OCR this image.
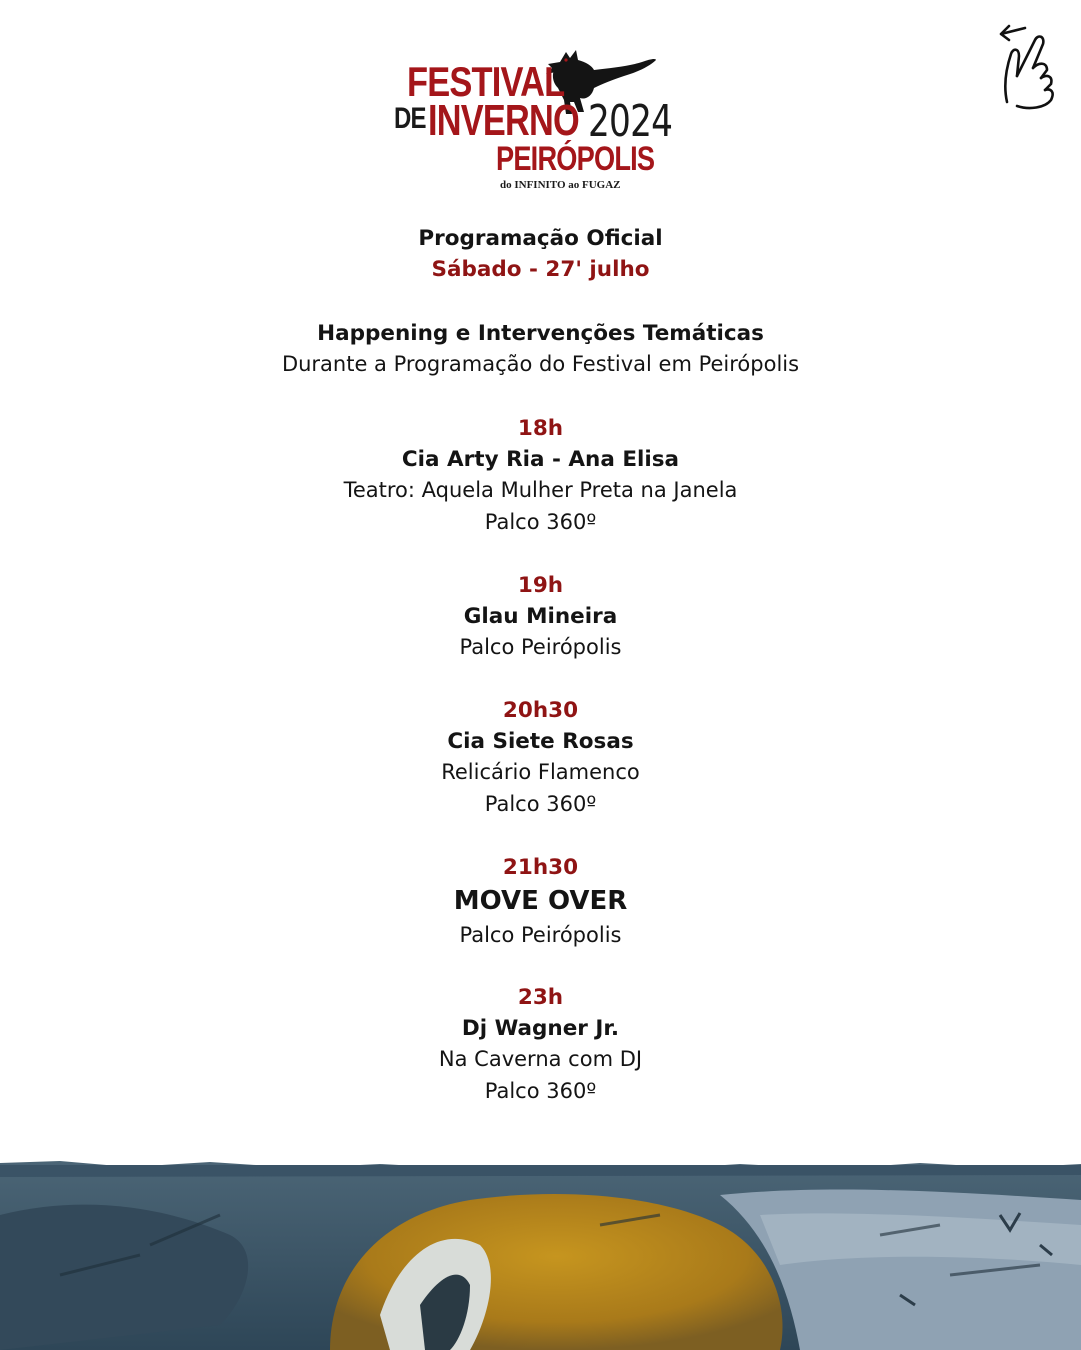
FESTIVAL
DE INVERNO 2024
PEIRÓPOLIS
do INFINITO ao FUGAZ
Programação Oficial
Sábado - 27' julho
Happening e Intervenções Temáticas
Durante a Programação do Festival em Peirópolis
18h
Cia Arty Ria - Ana Elisa
Teatro: Aquela Mulher Preta na Janela
Palco 360º
19h
Glau Mineira
Palco Peirópolis
20h30
Cia Siete Rosas
Relicário Flamenco
Palco 360º
21h30
MOVE OVER
Palco Peirópolis
23h
Dj Wagner Jr.
Na Caverna com DJ
Palco 360º
